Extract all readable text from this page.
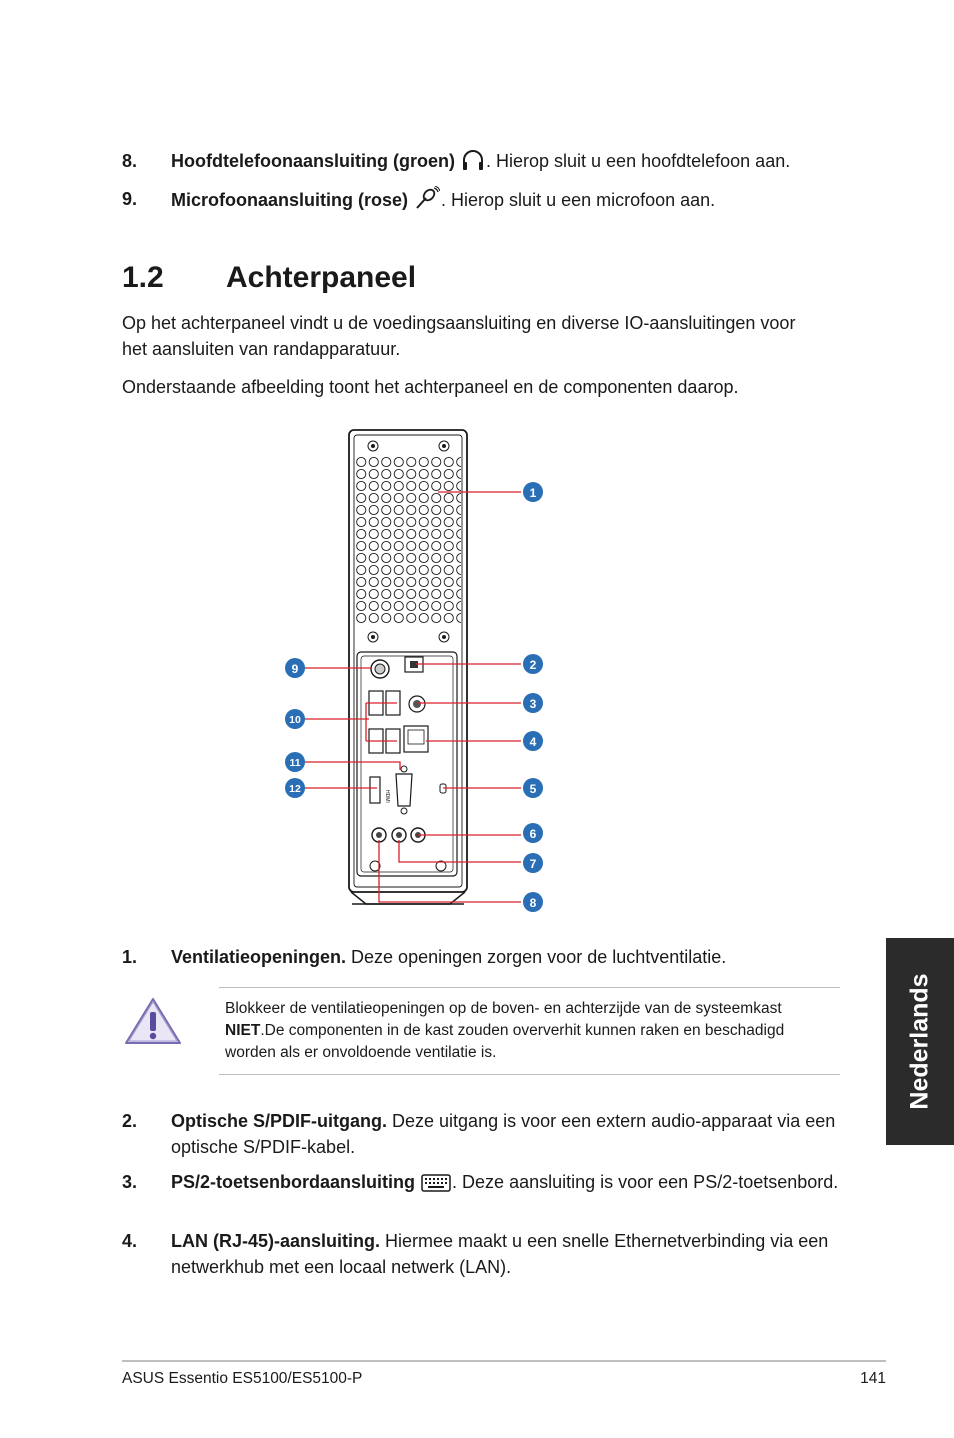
8. Hoofdtelefoonaansluiting (groen) . Hierop sluit u een hoofdtelefoon aan.
9. Microfoonaansluiting (rose) . Hierop sluit u een microfoon aan.
1.2 Achterpaneel

Op het achterpaneel vindt u de voedingsaansluiting en diverse IO-aansluitingen voor het aansluiten van randapparatuur.

Onderstaande afbeelding toont het achterpaneel en de componenten daarop.

HDMI
1
2
3
4
5
6
7
8
9
10
11
12
1. Ventilatieopeningen. Deze openingen zorgen voor de luchtventilatie.
Blokkeer de ventilatieopeningen op de boven- en achterzijde van de systeemkast NIET.De componenten in de kast zouden oververhit kunnen raken en beschadigd worden als er onvoldoende ventilatie is.
2. Optische S/PDIF-uitgang. Deze uitgang is voor een extern audio-apparaat via een optische S/PDIF-kabel.
3. PS/2-toetsenbordaansluiting . Deze aansluiting is voor een PS/2-toetsenbord.
4. LAN (RJ-45)-aansluiting. Hiermee maakt u een snelle Ethernetverbinding via een netwerkhub met een locaal netwerk (LAN).
Nederlands
ASUS Essentio ES5100/ES5100-P	141
